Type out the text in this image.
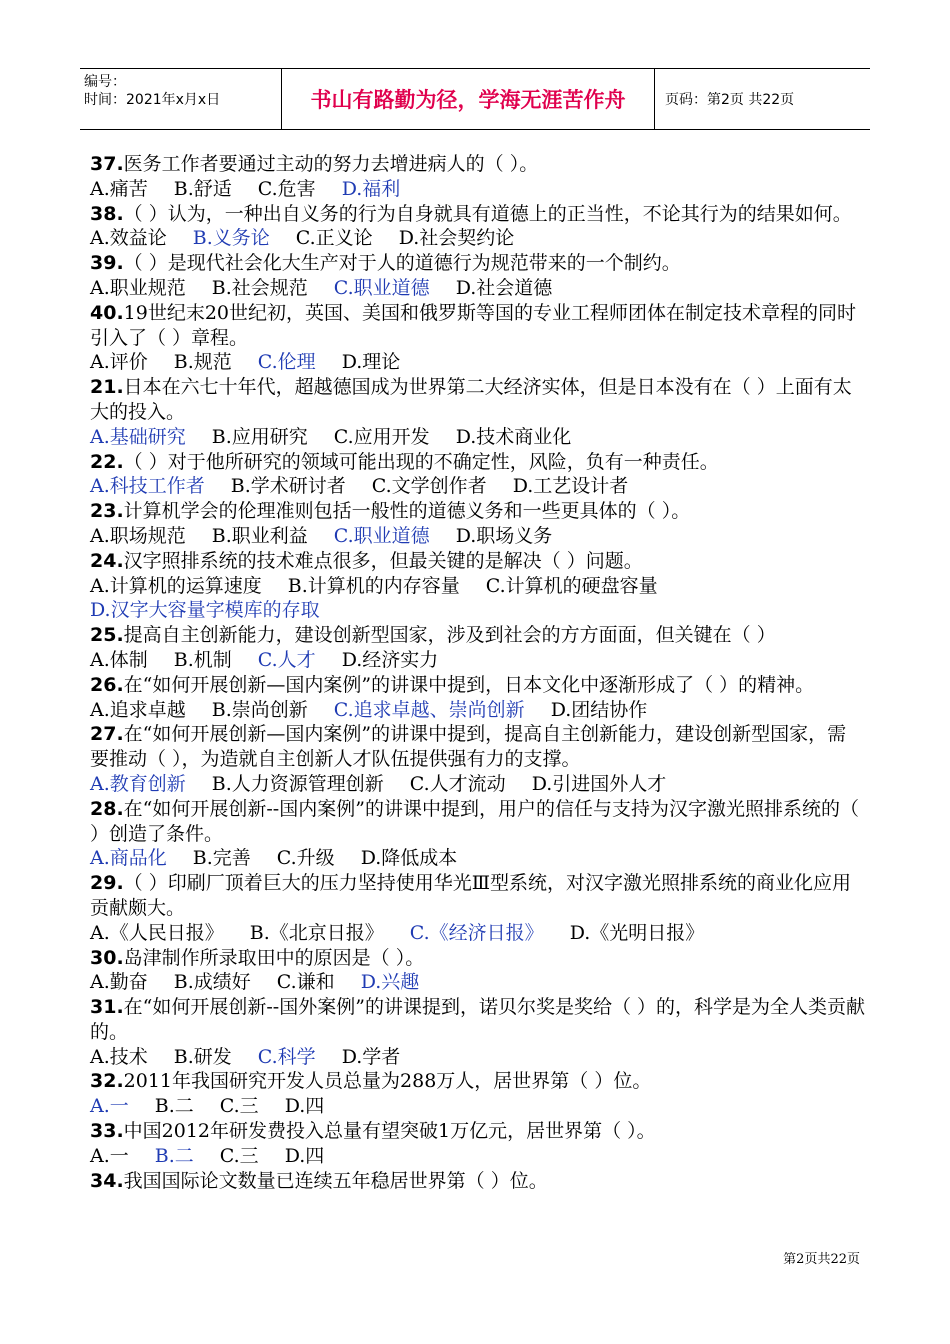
编号：
时间：2021年x月x日	书山有路勤为径，学海无涯苦作舟	页码：第2页 共22页

37.医务工作者要通过主动的努力去增进病人的（ ）。

A.痛苦 B.舒适 C.危害 D.福利

38.（ ）认为，一种出自义务的行为自身就具有道德上的正当性，不论其行为的结果如何。

A.效益论 B.义务论 C.正义论 D.社会契约论

39.（ ）是现代社会化大生产对于人的道德行为规范带来的一个制约。

A.职业规范 B.社会规范 C.职业道德 D.社会道德

40.19世纪末20世纪初，英国、美国和俄罗斯等国的专业工程师团体在制定技术章程的同时引入了（ ）章程。

A.评价 B.规范 C.伦理 D.理论

21.日本在六七十年代，超越德国成为世界第二大经济实体，但是日本没有在（ ）上面有太大的投入。

A.基础研究 B.应用研究 C.应用开发 D.技术商业化

22.（ ）对于他所研究的领域可能出现的不确定性，风险，负有一种责任。

A.科技工作者 B.学术研讨者 C.文学创作者 D.工艺设计者

23.计算机学会的伦理准则包括一般性的道德义务和一些更具体的（ ）。

A.职场规范 B.职业利益 C.职业道德 D.职场义务

24.汉字照排系统的技术难点很多，但最关键的是解决（ ）问题。

A.计算机的运算速度 B.计算机的内存容量 C.计算机的硬盘容量D.汉字大容量字模库的存取

25.提高自主创新能力，建设创新型国家，涉及到社会的方方面面，但关键在（ ）

A.体制 B.机制 C.人才 D.经济实力

26.在“如何开展创新—国内案例”的讲课中提到，日本文化中逐渐形成了（ ）的精神。

A.追求卓越 B.崇尚创新 C.追求卓越、崇尚创新 D.团结协作

27.在“如何开展创新—国内案例”的讲课中提到，提高自主创新能力，建设创新型国家，需要推动（ ），为造就自主创新人才队伍提供强有力的支撑。

A.教育创新 B.人力资源管理创新 C.人才流动 D.引进国外人才

28.在“如何开展创新--国内案例”的讲课中提到，用户的信任与支持为汉字激光照排系统的（ ）创造了条件。

A.商品化 B.完善 C.升级 D.降低成本

29.（ ）印刷厂顶着巨大的压力坚持使用华光Ⅲ型系统，对汉字激光照排系统的商业化应用贡献颇大。

A.《人民日报》 B.《北京日报》 C.《经济日报》 D.《光明日报》

30.岛津制作所录取田中的原因是（ ）。

A.勤奋 B.成绩好 C.谦和 D.兴趣

31.在“如何开展创新--国外案例”的讲课提到，诺贝尔奖是奖给（ ）的，科学是为全人类贡献的。

A.技术 B.研发 C.科学 D.学者

32.2011年我国研究开发人员总量为288万人，居世界第（ ）位。

A.一 B.二 C.三 D.四

33.中国2012年研发费投入总量有望突破1万亿元，居世界第（ ）。

A.一 B.二 C.三 D.四

34.我国国际论文数量已连续五年稳居世界第（ ）位。

第2页共22页
